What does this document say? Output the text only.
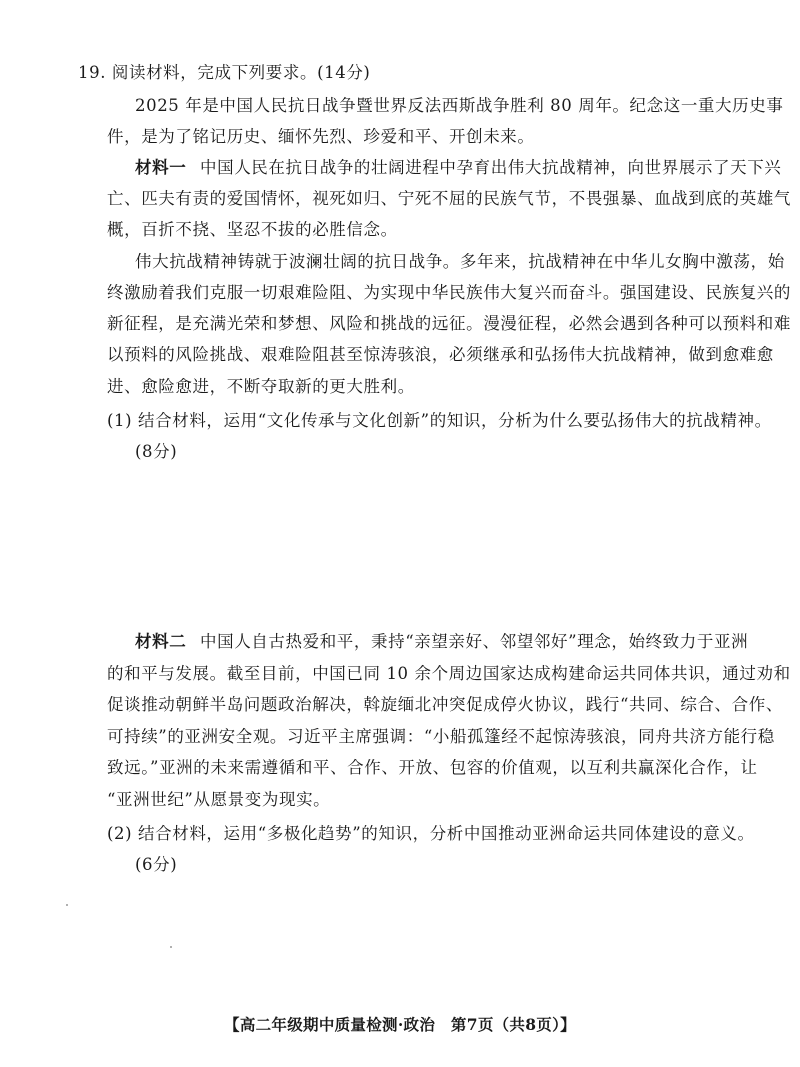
19. 阅读材料，完成下列要求。(14分)
2025 年是中国人民抗日战争暨世界反法西斯战争胜利 80 周年。纪念这一重大历史事
件，是为了铭记历史、缅怀先烈、珍爱和平、开创未来。
材料一 中国人民在抗日战争的壮阔进程中孕育出伟大抗战精神，向世界展示了天下兴
亡、匹夫有责的爱国情怀，视死如归、宁死不屈的民族气节，不畏强暴、血战到底的英雄气
概，百折不挠、坚忍不拔的必胜信念。
伟大抗战精神铸就于波澜壮阔的抗日战争。多年来，抗战精神在中华儿女胸中激荡，始
终激励着我们克服一切艰难险阻、为实现中华民族伟大复兴而奋斗。强国建设、民族复兴的
新征程，是充满光荣和梦想、风险和挑战的远征。漫漫征程，必然会遇到各种可以预料和难
以预料的风险挑战、艰难险阻甚至惊涛骇浪，必须继承和弘扬伟大抗战精神，做到愈难愈
进、愈险愈进，不断夺取新的更大胜利。
(1) 结合材料，运用“文化传承与文化创新”的知识，分析为什么要弘扬伟大的抗战精神。
(8分)
材料二 中国人自古热爱和平，秉持“亲望亲好、邻望邻好”理念，始终致力于亚洲
的和平与发展。截至目前，中国已同 10 余个周边国家达成构建命运共同体共识，通过劝和
促谈推动朝鲜半岛问题政治解决，斡旋缅北冲突促成停火协议，践行“共同、综合、合作、
可持续”的亚洲安全观。习近平主席强调：“小船孤篷经不起惊涛骇浪，同舟共济方能行稳
致远。”亚洲的未来需遵循和平、合作、开放、包容的价值观，以互利共赢深化合作，让
“亚洲世纪”从愿景变为现实。
(2) 结合材料，运用“多极化趋势”的知识，分析中国推动亚洲命运共同体建设的意义。
(6分)
【高二年级期中质量检测·政治　第7页（共8页）】
